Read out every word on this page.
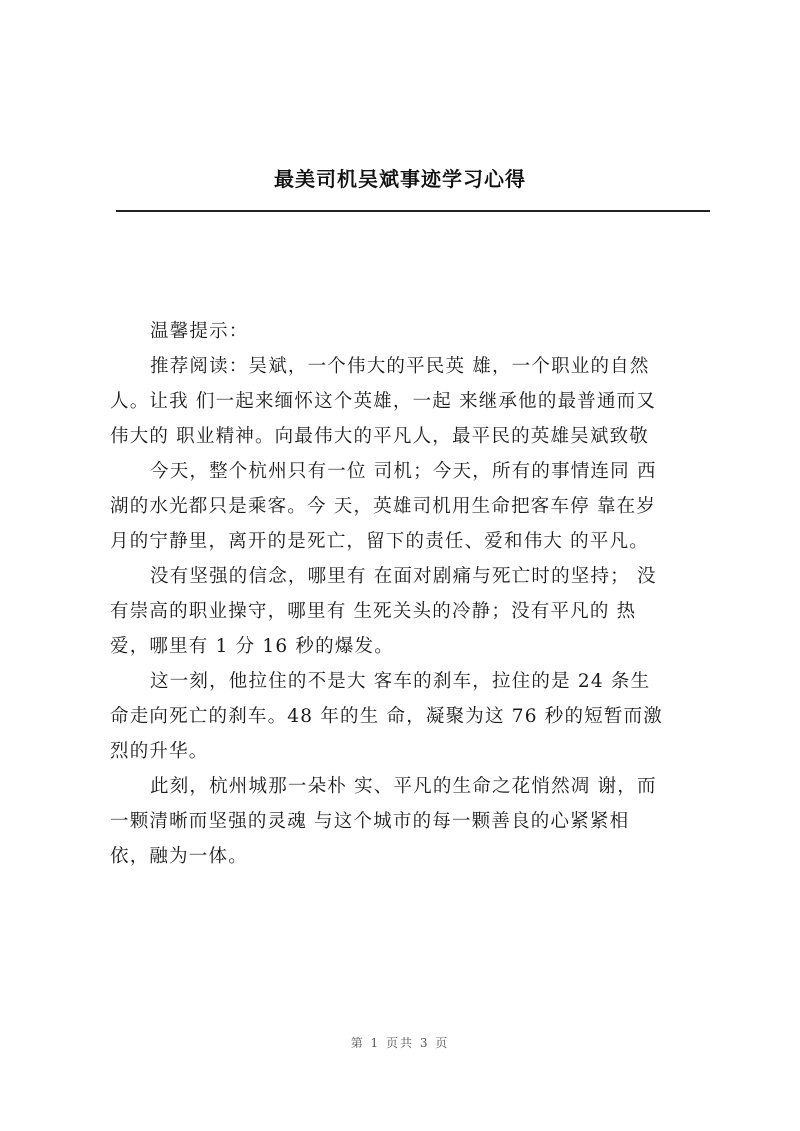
最美司机吴斌事迹学习心得
温馨提示：
推荐阅读：吴斌，一个伟大的平民英 雄，一个职业的自然
人。让我 们一起来缅怀这个英雄，一起 来继承他的最普通而又
伟大的 职业精神。向最伟大的平凡人，最平民的英雄吴斌致敬
今天，整个杭州只有一位 司机；今天，所有的事情连同 西
湖的水光都只是乘客。今 天，英雄司机用生命把客车停 靠在岁
月的宁静里，离开的是死亡，留下的责任、爱和伟大 的平凡。
没有坚强的信念，哪里有 在面对剧痛与死亡时的坚持； 没
有崇高的职业操守，哪里有 生死关头的冷静；没有平凡的 热
爱，哪里有 1 分 16 秒的爆发。
这一刻，他拉住的不是大 客车的刹车，拉住的是 24 条生
命走向死亡的刹车。48 年的生 命，凝聚为这 76 秒的短暂而激
烈的升华。
此刻，杭州城那一朵朴 实、平凡的生命之花悄然凋 谢，而
一颗清晰而坚强的灵魂 与这个城市的每一颗善良的心紧紧相
依，融为一体。
第 1 页共 3 页
